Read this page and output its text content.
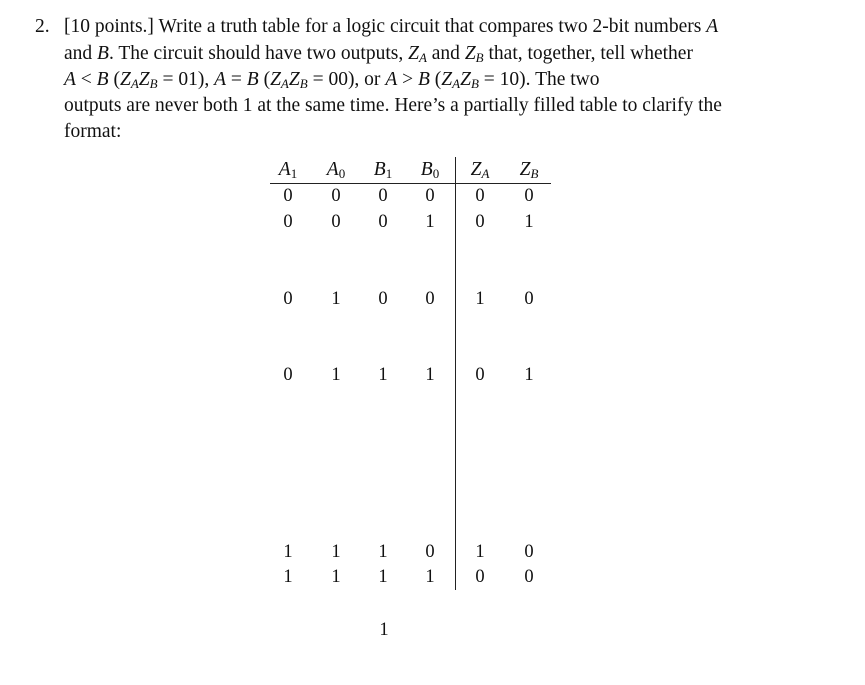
2. [10 points.] Write a truth table for a logic circuit that compares two 2-bit numbers A
and B. The circuit should have two outputs, $Z_A$ and $Z_B$ that, together, tell whether
A < B $(Z_AZ_B = 01)$, A = B $(Z_AZ_B = 00)$, or A > B $(Z_AZ_B = 10)$. The two
outputs are never both 1 at the same time. Here’s a partially filled table to clarify the
format:
A1	A0	B1	B0	ZA	ZB
0	0	0	0	0	0
0	0	0	1	0	1
0	1	0	0	1	0
0	1	1	1	0	1
1	1	1	0	1	0
1	1	1	1	0	0
1
